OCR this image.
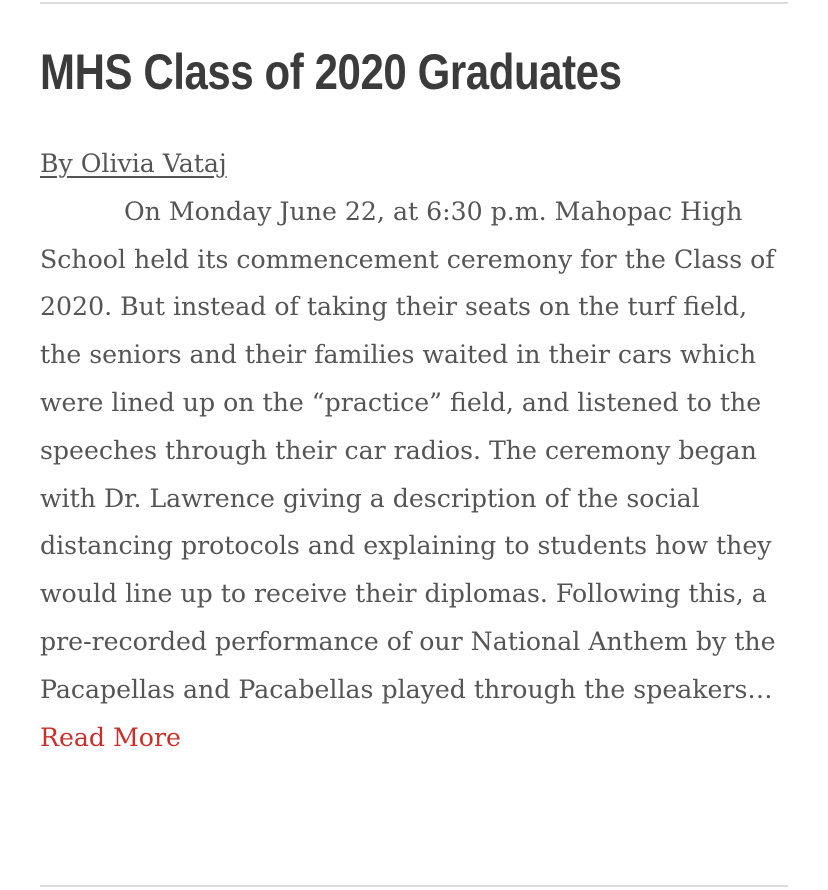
MHS Class of 2020 Graduates
By Olivia Vataj

On Monday June 22, at 6:30 p.m. Mahopac High School held its commencement ceremony for the Class of 2020. But instead of taking their seats on the turf field, the seniors and their families waited in their cars which were lined up on the “practice” field, and listened to the speeches through their car radios. The ceremony began with Dr. Lawrence giving a description of the social distancing protocols and explaining to students how they would line up to receive their diplomas. Following this, a pre-recorded performance of our National Anthem by the Pacapellas and Pacabellas played through the speakers… Read More
